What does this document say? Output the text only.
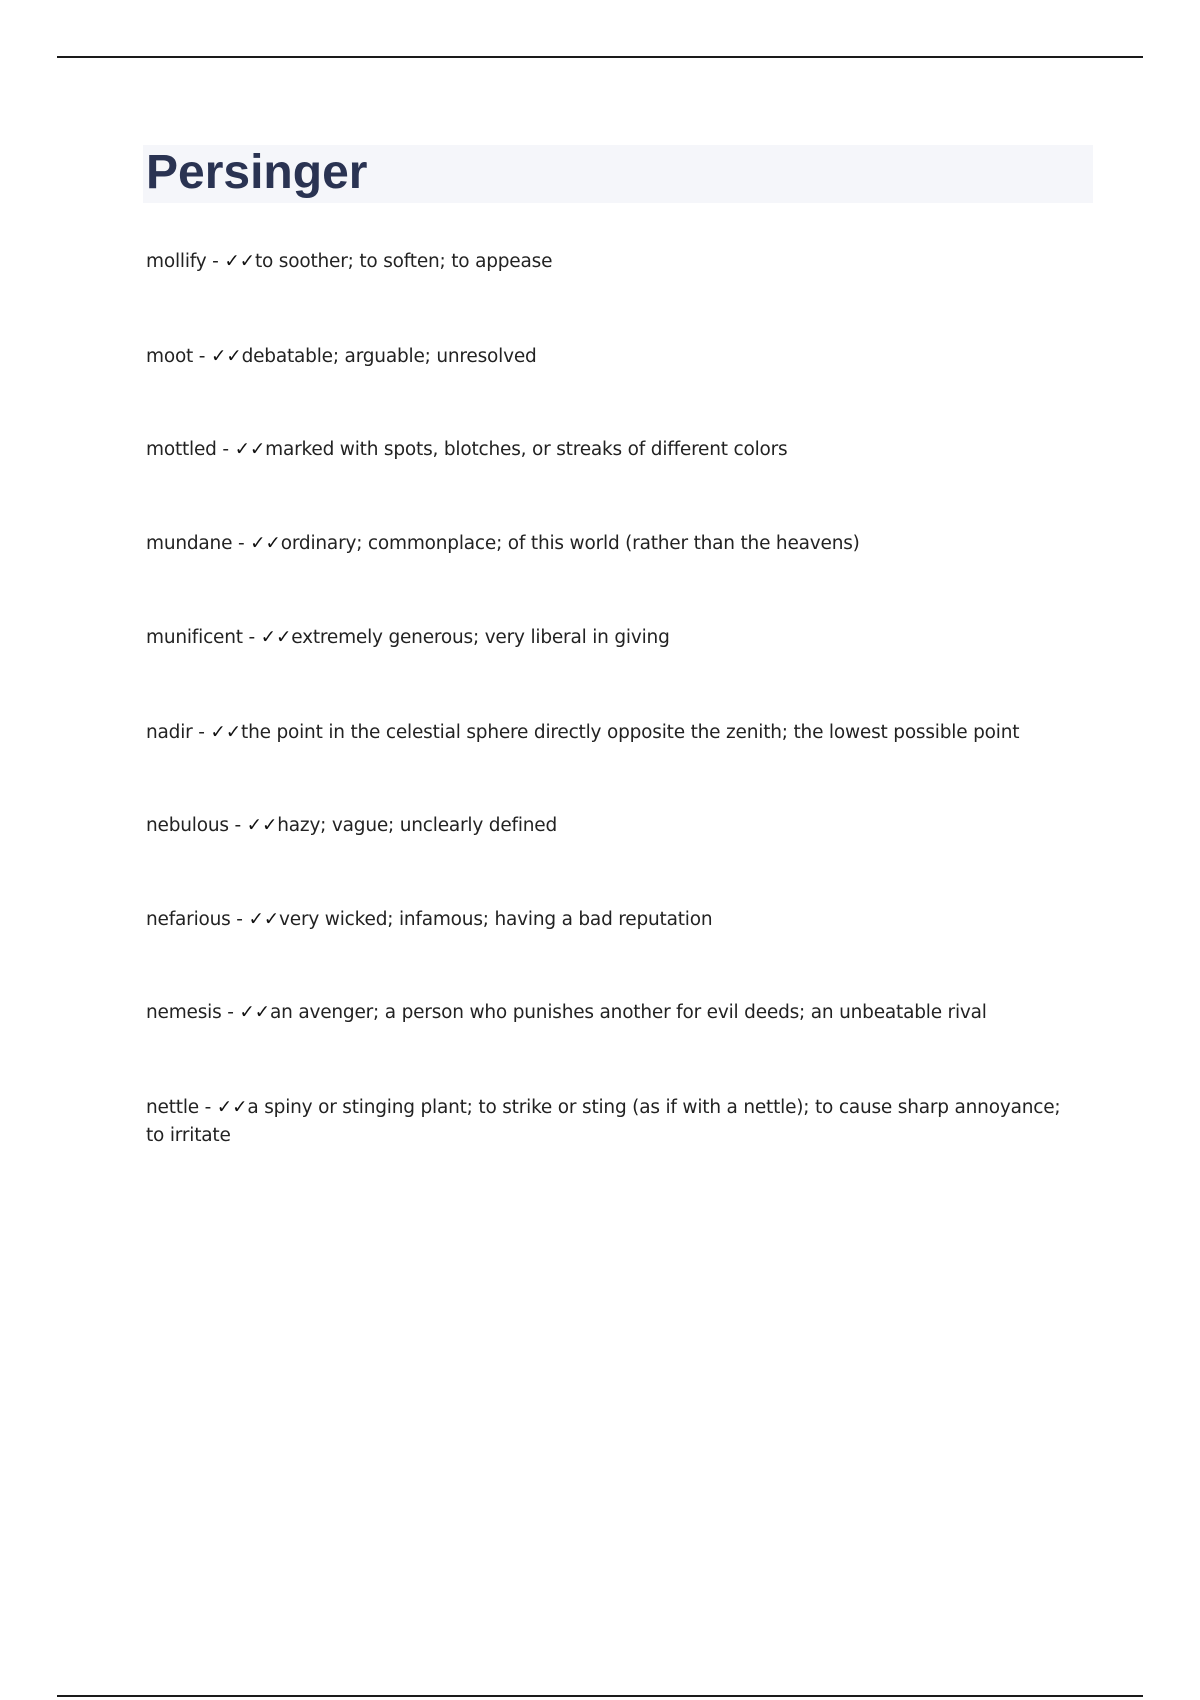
Persinger
mollify - ✓✓to soother; to soften; to appease
moot - ✓✓debatable; arguable; unresolved
mottled - ✓✓marked with spots, blotches, or streaks of different colors
mundane - ✓✓ordinary; commonplace; of this world (rather than the heavens)
munificent - ✓✓extremely generous; very liberal in giving
nadir - ✓✓the point in the celestial sphere directly opposite the zenith; the lowest possible point
nebulous - ✓✓hazy; vague; unclearly defined
nefarious - ✓✓very wicked; infamous; having a bad reputation
nemesis - ✓✓an avenger; a person who punishes another for evil deeds; an unbeatable rival
nettle - ✓✓a spiny or stinging plant; to strike or sting (as if with a nettle); to cause sharp annoyance; to irritate
